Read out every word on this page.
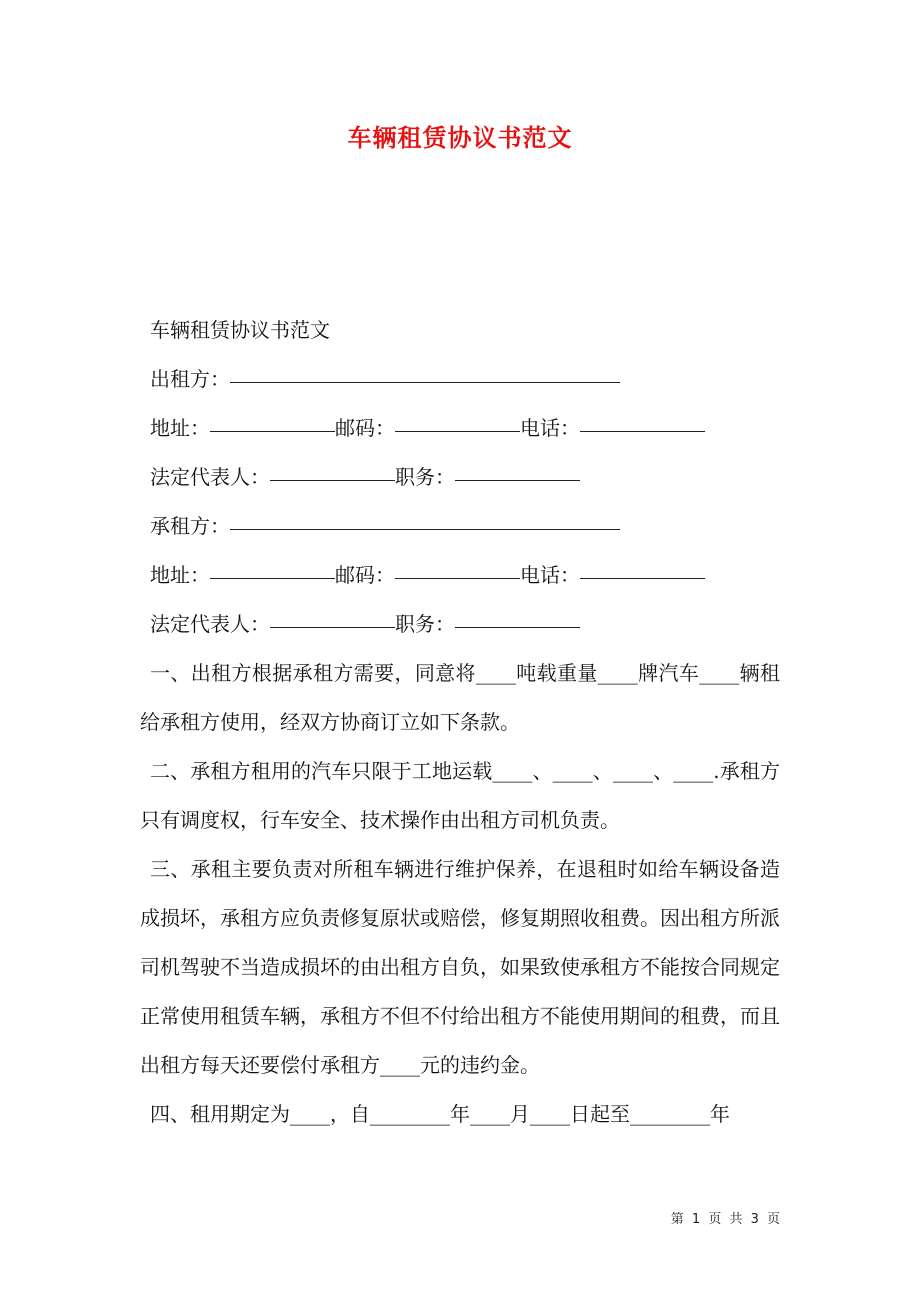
车辆租赁协议书范文
车辆租赁协议书范文
出租方：
地址：	邮码：	电话：
法定代表人：	职务：
承租方：
地址：	邮码：	电话：
法定代表人：	职务：

一、出租方根据承租方需要，同意将____吨载重量____牌汽车____辆租给承租方使用，经双方协商订立如下条款。

二、承租方租用的汽车只限于工地运载____、____、____、____.承租方只有调度权，行车安全、技术操作由出租方司机负责。

三、承租主要负责对所租车辆进行维护保养，在退租时如给车辆设备造成损坏，承租方应负责修复原状或赔偿，修复期照收租费。因出租方所派司机驾驶不当造成损坏的由出租方自负，如果致使承租方不能按合同规定正常使用租赁车辆，承租方不但不付给出租方不能使用期间的租费，而且出租方每天还要偿付承租方____元的违约金。

四、租用期定为____，自________年____月____日起至________年

第 1 页 共 3 页
